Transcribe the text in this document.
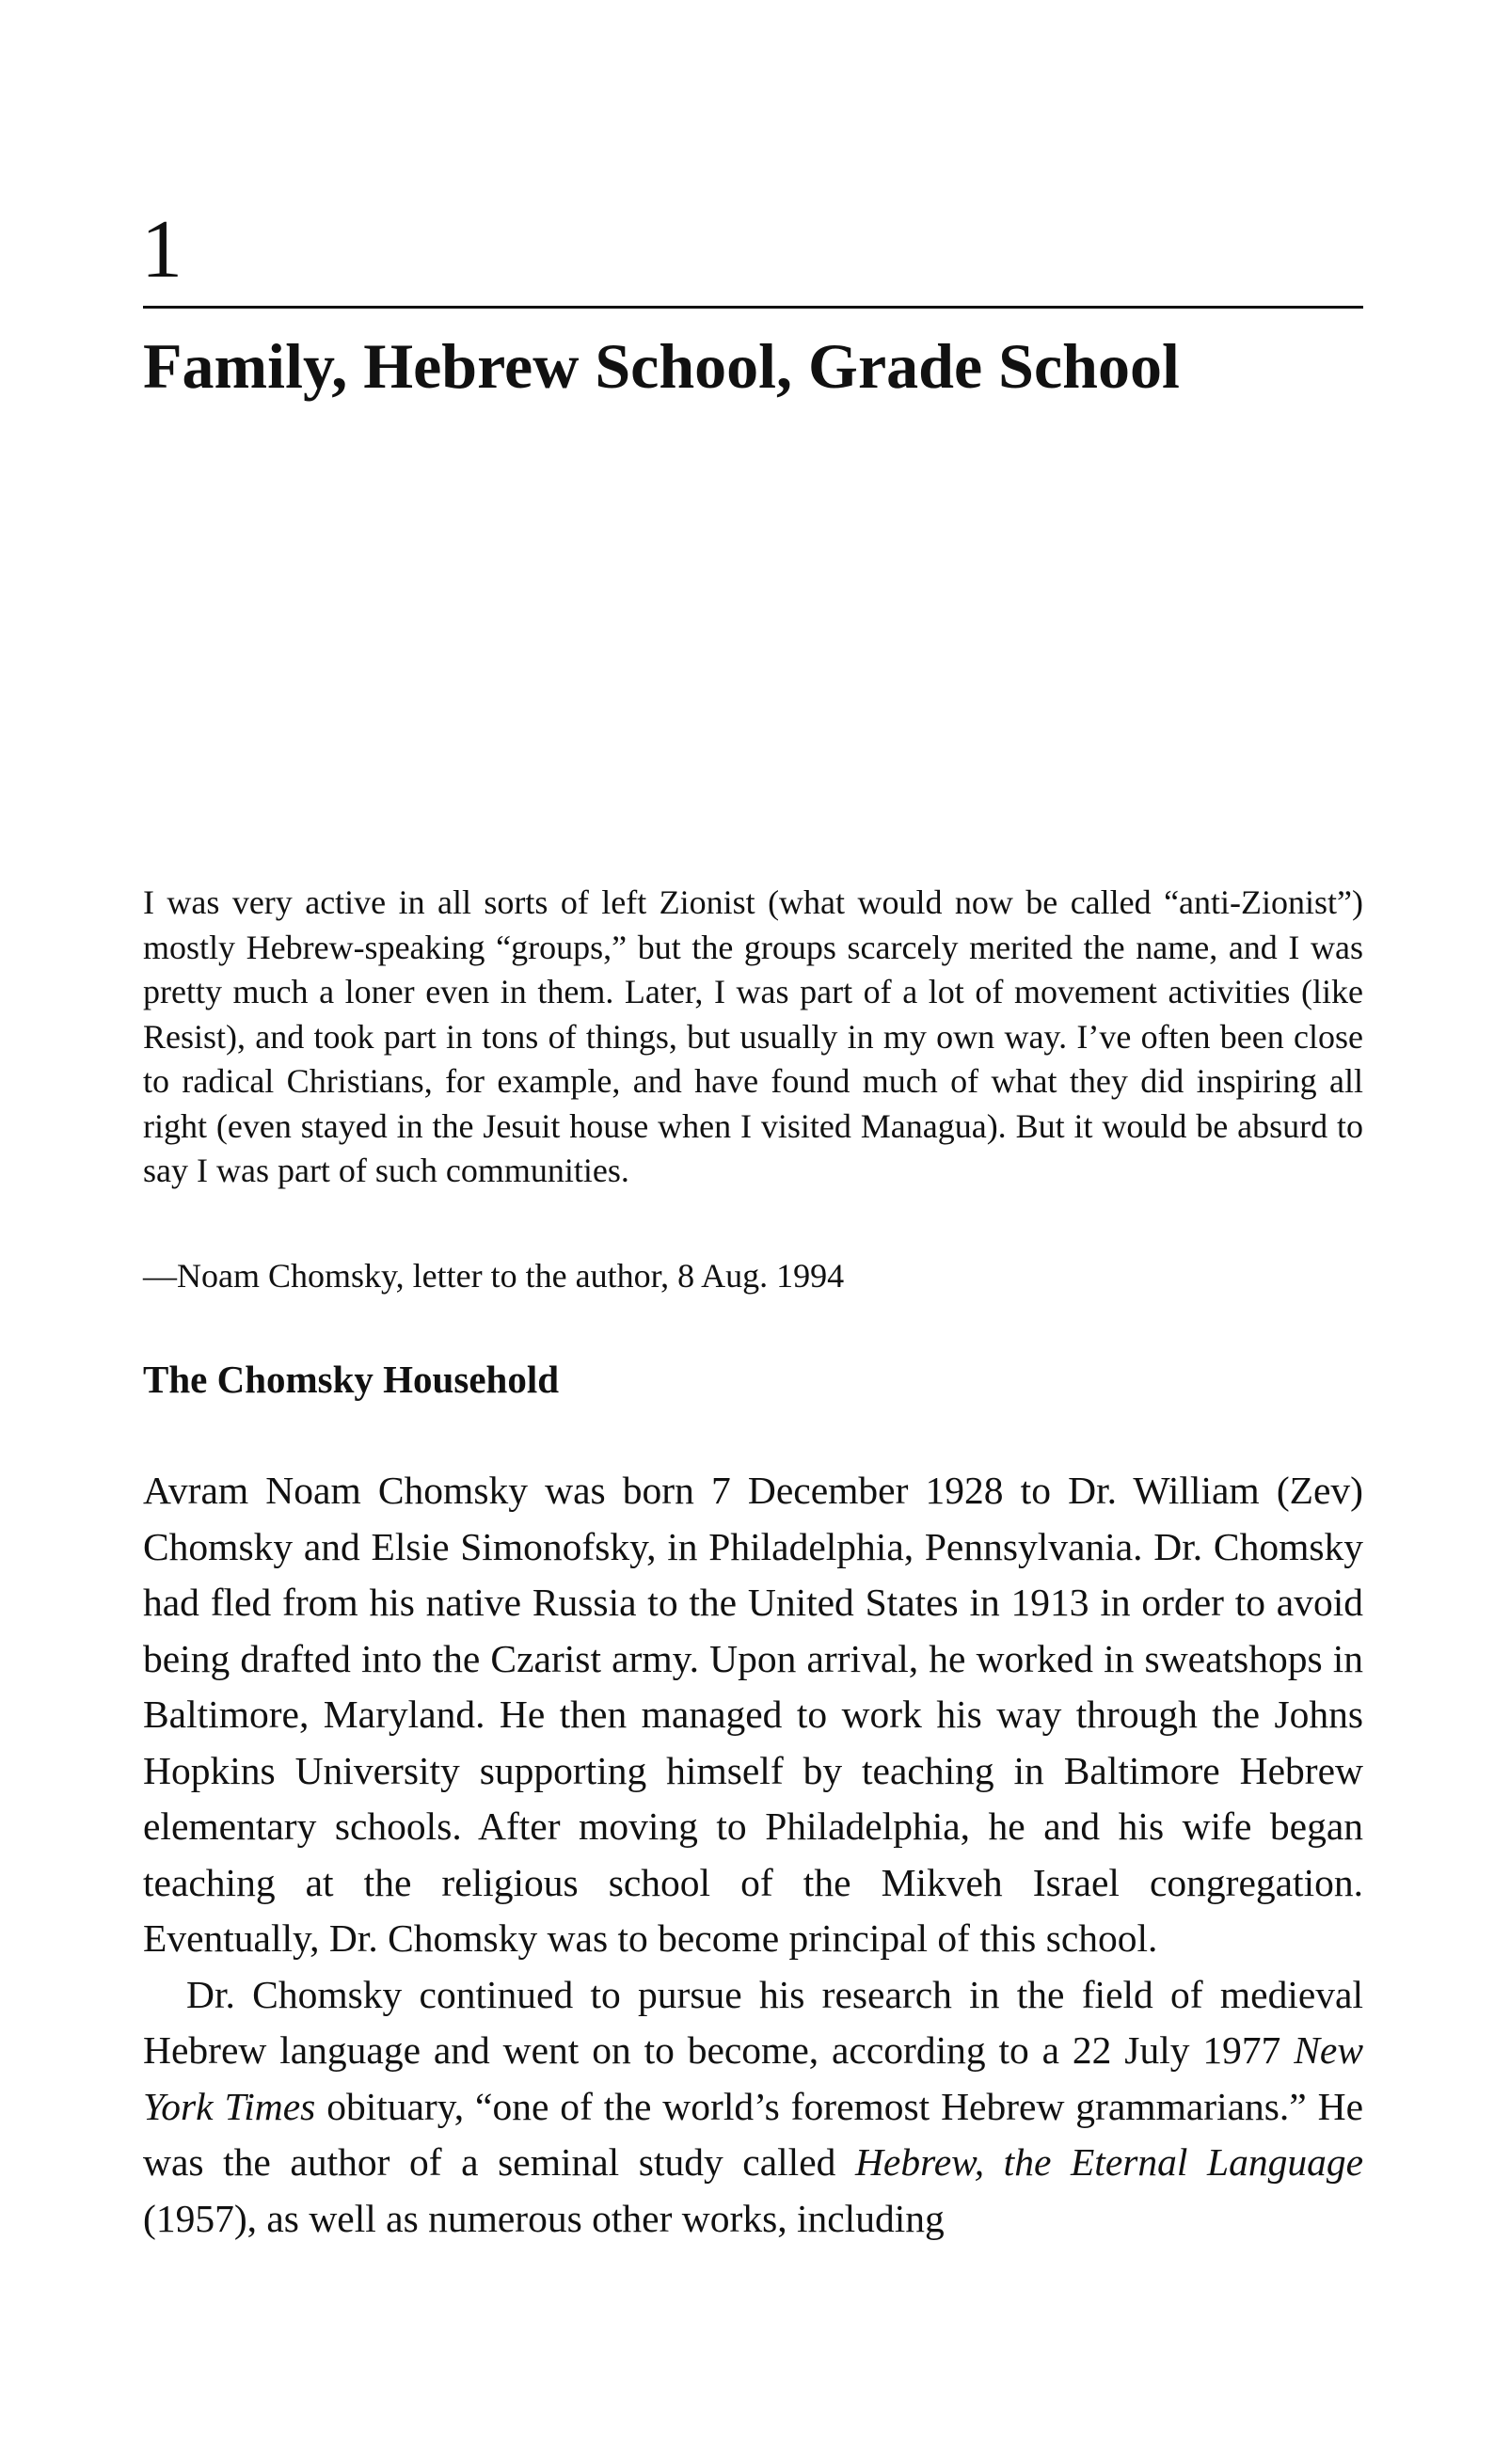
1
Family, Hebrew School, Grade School

I was very active in all sorts of left Zionist (what would now be called “anti-Zionist”) mostly Hebrew-speaking “groups,” but the groups scarcely merited the name, and I was pretty much a loner even in them. Later, I was part of a lot of movement activities (like Resist), and took part in tons of things, but usually in my own way. I’ve often been close to radical Christians, for example, and have found much of what they did inspiring all right (even stayed in the Jesuit house when I visited Managua). But it would be absurd to say I was part of such communities.

—Noam Chomsky, letter to the author, 8 Aug. 1994

The Chomsky Household

Avram Noam Chomsky was born 7 December 1928 to Dr. William (Zev) Chomsky and Elsie Simonofsky, in Philadelphia, Pennsylvania. Dr. Chomsky had fled from his native Russia to the United States in 1913 in order to avoid being drafted into the Czarist army. Upon arrival, he worked in sweatshops in Baltimore, Maryland. He then managed to work his way through the Johns Hopkins University supporting himself by teaching in Baltimore Hebrew elementary schools. After moving to Philadelphia, he and his wife began teaching at the religious school of the Mikveh Israel congregation. Eventually, Dr. Chomsky was to become principal of this school.

Dr. Chomsky continued to pursue his research in the field of medieval Hebrew language and went on to become, according to a 22 July 1977 New York Times obituary, “one of the world’s foremost Hebrew grammarians.” He was the author of a seminal study called Hebrew, the Eternal Language (1957), as well as numerous other works, including
